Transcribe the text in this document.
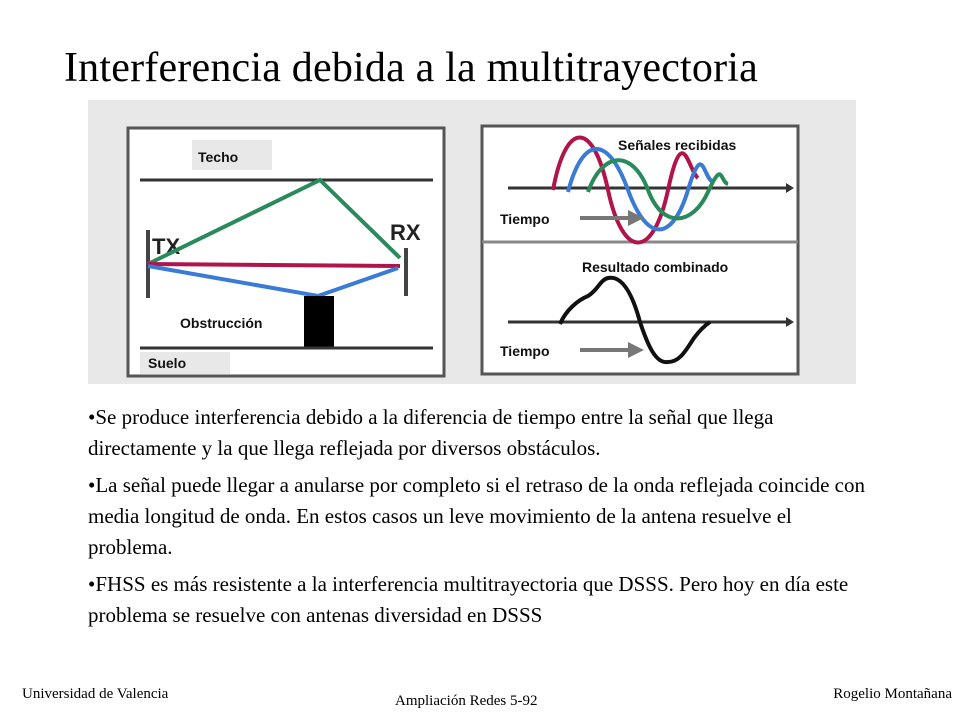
Interferencia debida a la multitrayectoria
Techo
TX
RX
Obstrucción
Suelo
Señales recibidas
Tiempo
Resultado combinado
Tiempo
• Se produce interferencia debido a la diferencia de tiempo entre la señal que llega directamente y la que llega reflejada por diversos obstáculos.
• La señal puede llegar a anularse por completo si el retraso de la onda reflejada coincide con media longitud de onda. En estos casos un leve movimiento de la antena resuelve el problema.
• FHSS es más resistente a la interferencia multitrayectoria que DSSS. Pero hoy en día este problema se resuelve con antenas diversidad en DSSS
Universidad de Valencia	Ampliación Redes 5-92	Rogelio Montañana
